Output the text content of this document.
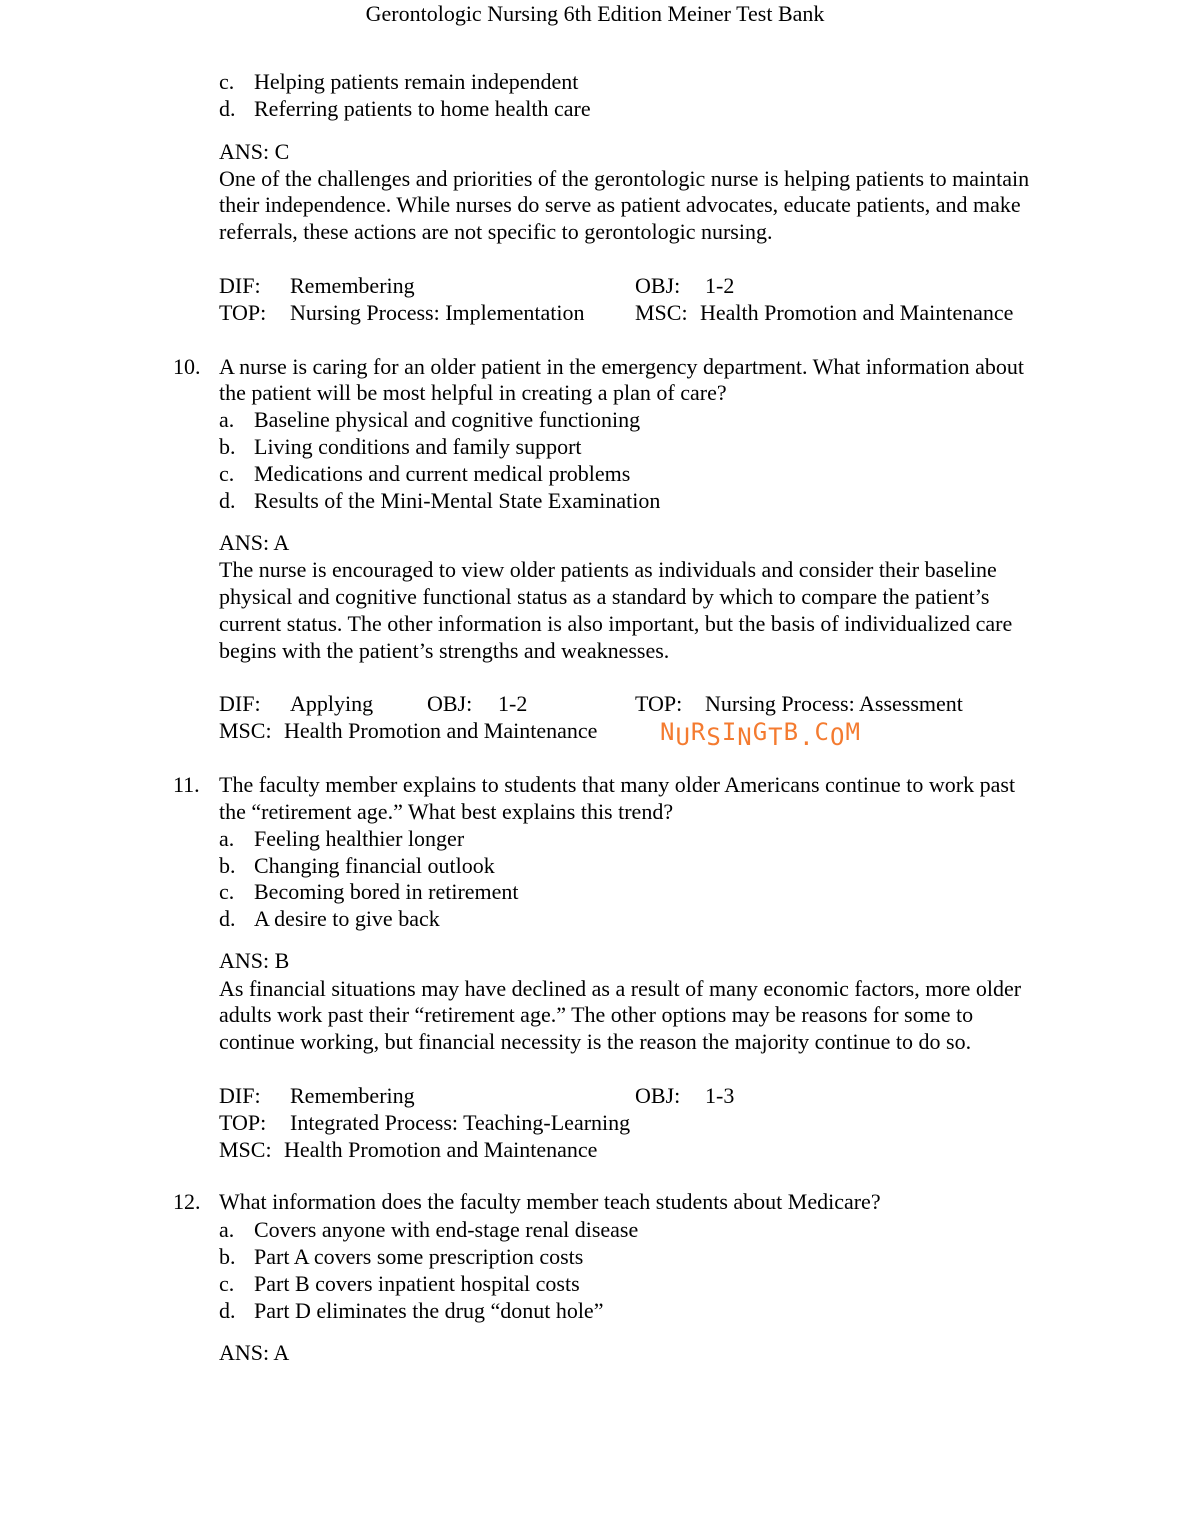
Gerontologic Nursing 6th Edition Meiner Test Bank
c. Helping patients remain independent
d. Referring patients to home health care
ANS: C
One of the challenges and priorities of the gerontologic nurse is helping patients to maintain
their independence. While nurses do serve as patient advocates, educate patients, and make
referrals, these actions are not specific to gerontologic nursing.
DIF: Remembering	OBJ: 1-2
TOP: Nursing Process: Implementation MSC: Health Promotion and Maintenance
10. A nurse is caring for an older patient in the emergency department. What information about
the patient will be most helpful in creating a plan of care?
a. Baseline physical and cognitive functioning
b. Living conditions and family support
c. Medications and current medical problems
d. Results of the Mini-Mental State Examination
ANS: A
The nurse is encouraged to view older patients as individuals and consider their baseline
physical and cognitive functional status as a standard by which to compare the patient’s
current status. The other information is also important, but the basis of individualized care
begins with the patient’s strengths and weaknesses.
DIF: Applying OBJ: 1-2	TOP: Nursing Process: Assessment
MSC: Health Promotion and Maintenance
11. The faculty member explains to students that many older Americans continue to work past
the “retirement age.” What best explains this trend?
a. Feeling healthier longer
b. Changing financial outlook
c. Becoming bored in retirement
d. A desire to give back
ANS: B
As financial situations may have declined as a result of many economic factors, more older
adults work past their “retirement age.” The other options may be reasons for some to
continue working, but financial necessity is the reason the majority continue to do so.
DIF: Remembering	OBJ: 1-3
TOP: Integrated Process: Teaching-Learning
MSC: Health Promotion and Maintenance
12. What information does the faculty member teach students about Medicare?
a. Covers anyone with end-stage renal disease
b. Part A covers some prescription costs
c. Part B covers inpatient hospital costs
d. Part D eliminates the drug “donut hole”
ANS: A
NURSINGTB.COM
